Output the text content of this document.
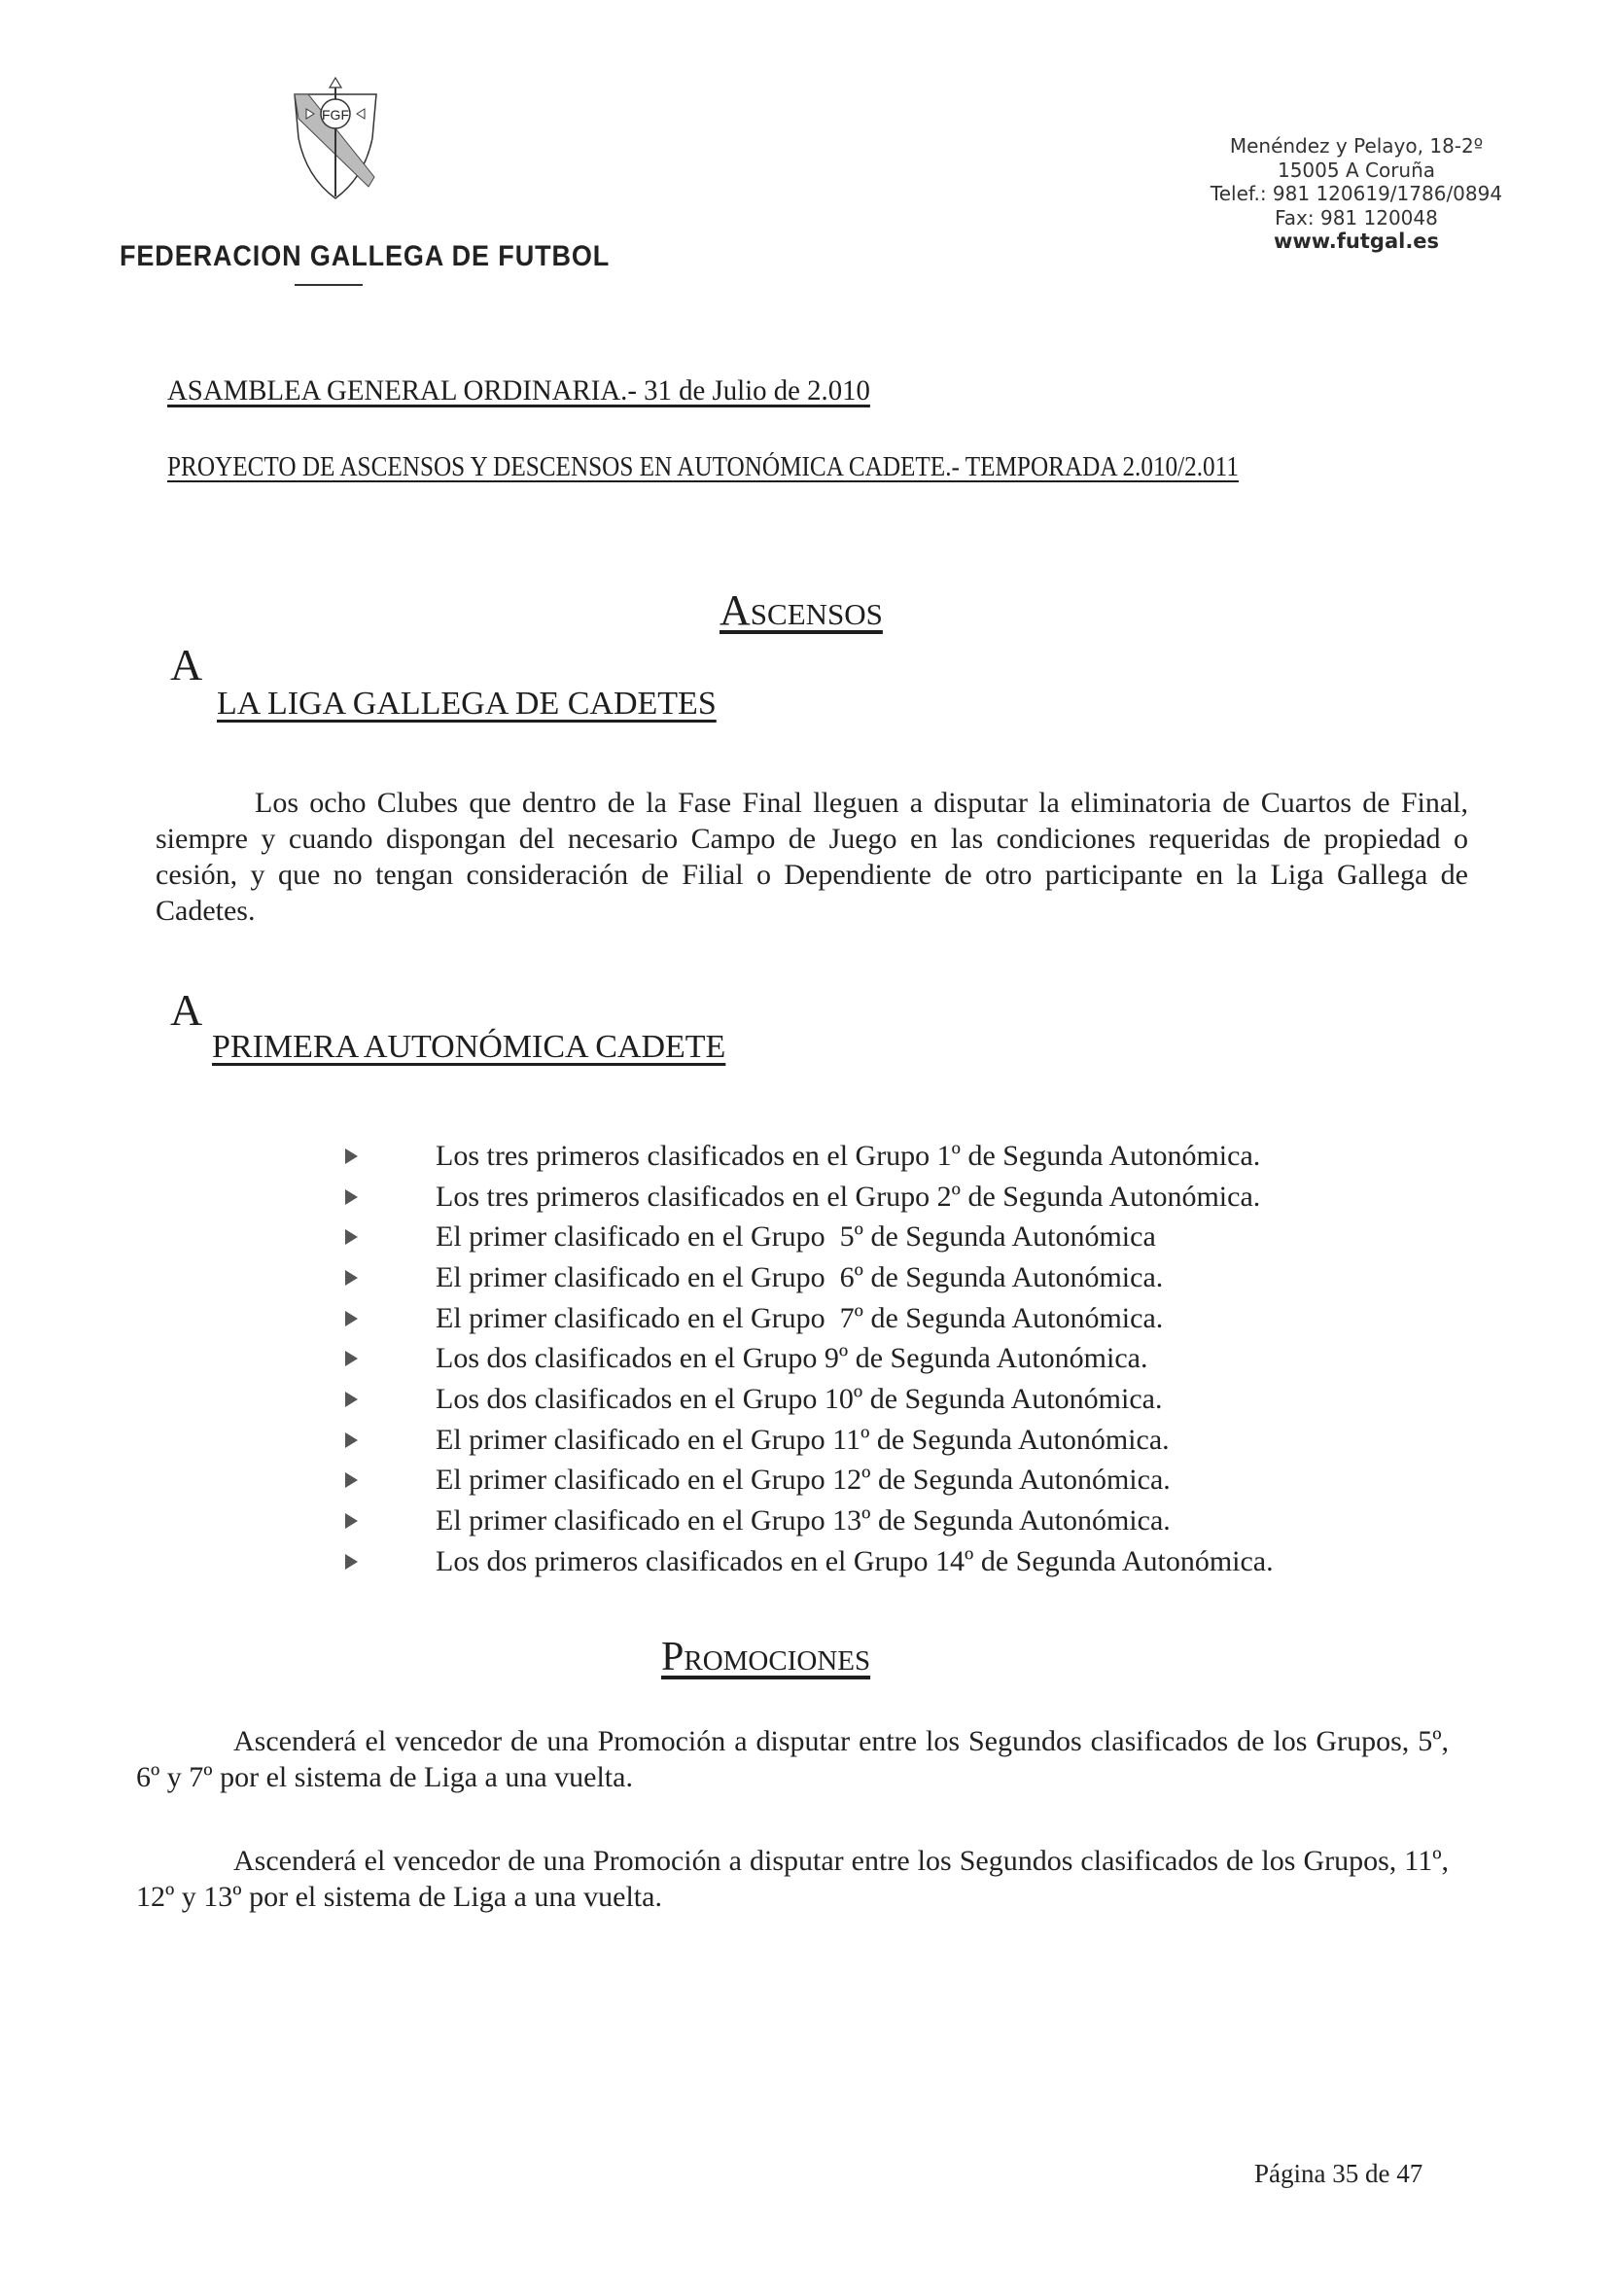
FGF
FEDERACION GALLEGA DE FUTBOL
Menéndez y Pelayo, 18-2º
15005 A Coruña
Telef.: 981 120619/1786/0894
Fax: 981 120048
www.futgal.es
ASAMBLEA GENERAL ORDINARIA.- 31 de Julio de 2.010
PROYECTO DE ASCENSOS Y DESCENSOS EN AUTONÓMICA CADETE.- TEMPORADA 2.010/2.011
Ascensos
A
LA LIGA GALLEGA DE CADETES
Los ocho Clubes que dentro de la Fase Final lleguen a disputar la eliminatoria de Cuartos de Final, siempre y cuando dispongan del necesario Campo de Juego en las condiciones requeridas de propiedad o cesión, y que no tengan consideración de Filial o Dependiente de otro participante en la Liga Gallega de Cadetes.
A
PRIMERA AUTONÓMICA CADETE
Los tres primeros clasificados en el Grupo 1º de Segunda Autonómica.
Los tres primeros clasificados en el Grupo 2º de Segunda Autonómica.
El primer clasificado en el Grupo  5º de Segunda Autonómica
El primer clasificado en el Grupo  6º de Segunda Autonómica.
El primer clasificado en el Grupo  7º de Segunda Autonómica.
Los dos clasificados en el Grupo 9º de Segunda Autonómica.
Los dos clasificados en el Grupo 10º de Segunda Autonómica.
El primer clasificado en el Grupo 11º de Segunda Autonómica.
El primer clasificado en el Grupo 12º de Segunda Autonómica.
El primer clasificado en el Grupo 13º de Segunda Autonómica.
Los dos primeros clasificados en el Grupo 14º de Segunda Autonómica.
Promociones
Ascenderá el vencedor de una Promoción a disputar entre los Segundos clasificados de los Grupos, 5º, 6º y 7º por el sistema de Liga a una vuelta.
Ascenderá el vencedor de una Promoción a disputar entre los Segundos clasificados de los Grupos, 11º, 12º y 13º por el sistema de Liga a una vuelta.
Página 35 de 47
